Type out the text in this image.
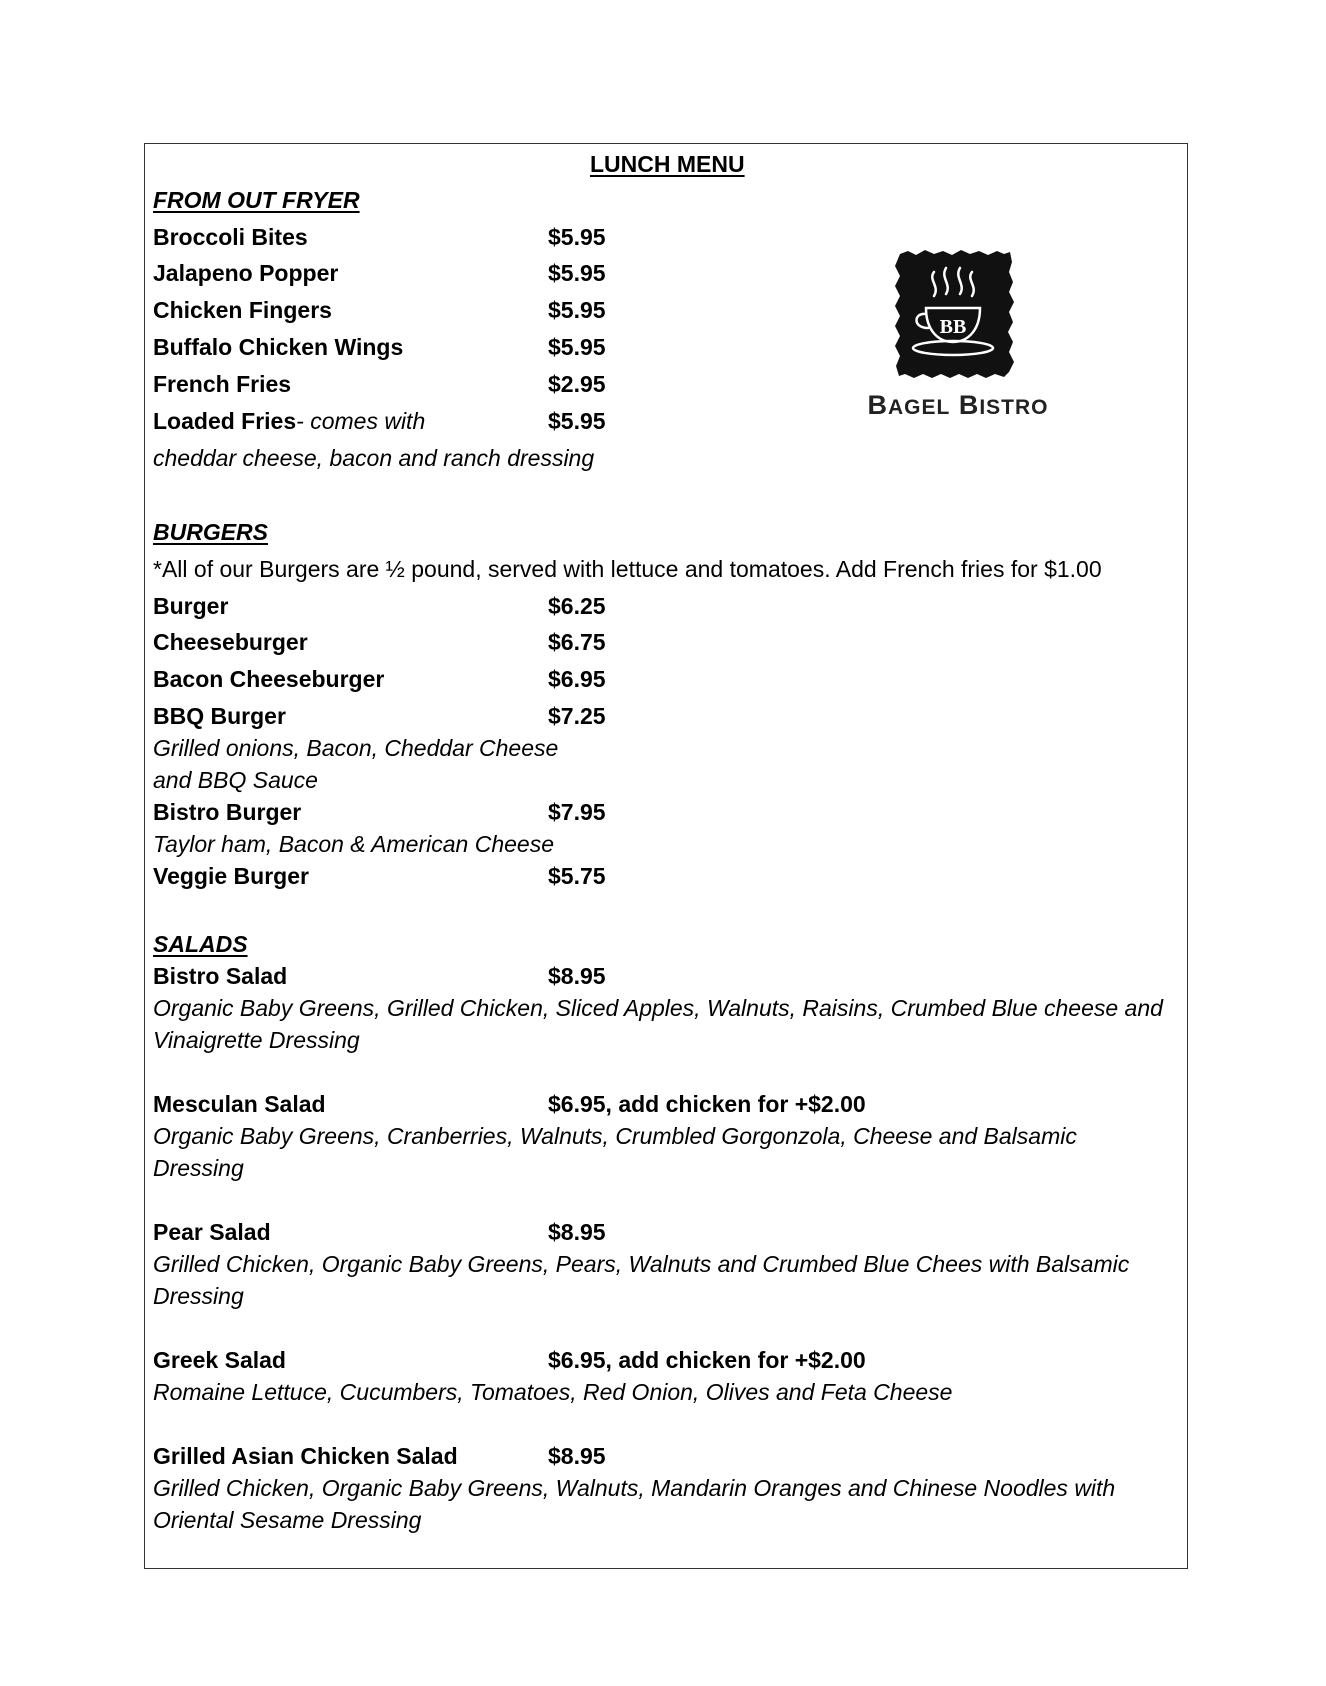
LUNCH MENU
BB
BAGEL BISTRO
FROM OUT FRYER
Broccoli Bites	$5.95
Jalapeno Popper	$5.95
Chicken Fingers	$5.95
Buffalo Chicken Wings	$5.95
French Fries	$2.95
Loaded Fries- comes with	$5.95
cheddar cheese, bacon and ranch dressing
BURGERS
*All of our Burgers are ½ pound, served with lettuce and tomatoes. Add French fries for $1.00
Burger	$6.25
Cheeseburger	$6.75
Bacon Cheeseburger	$6.95
BBQ Burger	$7.25
Grilled onions, Bacon, Cheddar Cheese
and BBQ Sauce
Bistro Burger	$7.95
Taylor ham, Bacon & American Cheese
Veggie Burger	$5.75
SALADS
Bistro Salad	$8.95
Organic Baby Greens, Grilled Chicken, Sliced Apples, Walnuts, Raisins, Crumbed Blue cheese and
Vinaigrette Dressing
Mesculan Salad	$6.95, add chicken for +$2.00
Organic Baby Greens, Cranberries, Walnuts, Crumbled Gorgonzola, Cheese and Balsamic
Dressing
Pear Salad	$8.95
Grilled Chicken, Organic Baby Greens, Pears, Walnuts and Crumbed Blue Chees with Balsamic
Dressing
Greek Salad	$6.95, add chicken for +$2.00
Romaine Lettuce, Cucumbers, Tomatoes, Red Onion, Olives and Feta Cheese
Grilled Asian Chicken Salad	$8.95
Grilled Chicken, Organic Baby Greens, Walnuts, Mandarin Oranges and Chinese Noodles with
Oriental Sesame Dressing
